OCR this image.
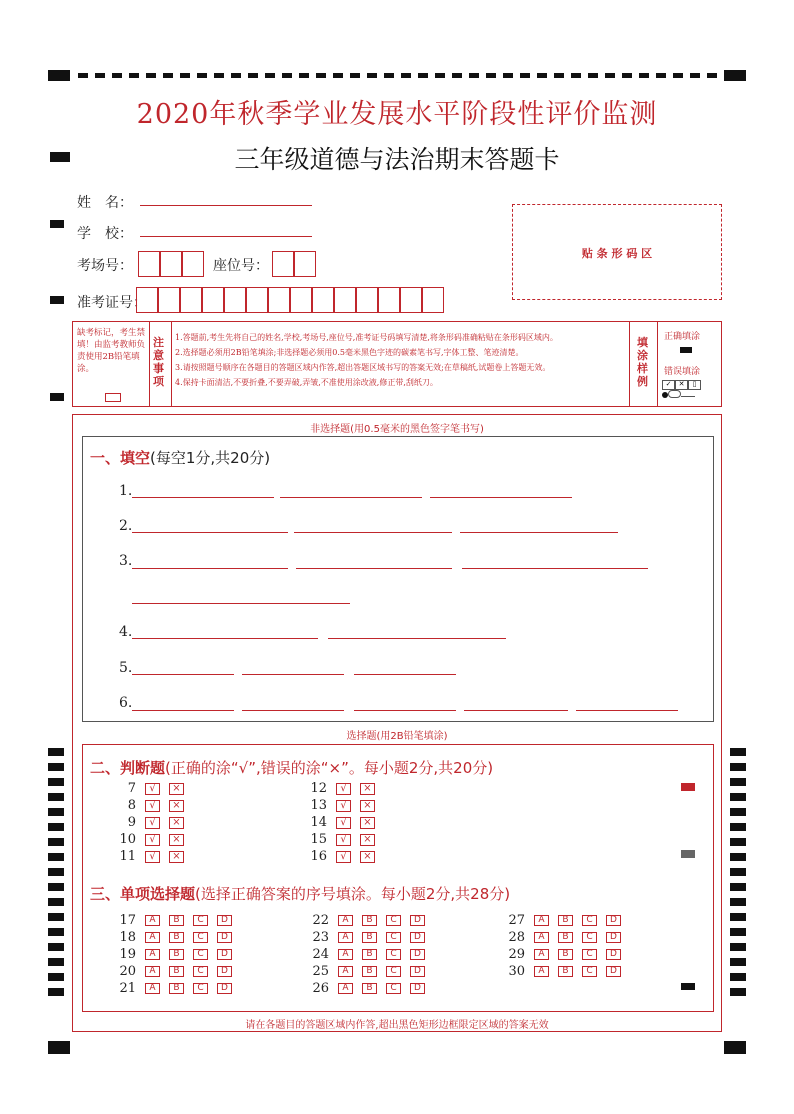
2020年秋季学业发展水平阶段性评价监测
三年级道德与法治期末答题卡
姓　名：
学　校：
考场号：	座位号：
准考证号：
贴 条 形 码 区
缺考标记，考生禁填！由监考教师负责使用2B铅笔填涂。
注意事项
1.答题前,考生先将自己的姓名,学校,考场号,座位号,准考证号码填写清楚,将条形码准确粘贴在条形码区域内。
2.选择题必须用2B铅笔填涂;非选择题必须用0.5毫米黑色字迹的碳素笔书写,字体工整、笔迹清楚。
3.请按照题号顺序在各题目的答题区域内作答,超出答题区域书写的答案无效;在草稿纸,试题卷上答题无效。
4.保持卡面清洁,不要折叠,不要弄破,弄皱,不准使用涂改液,修正带,刮纸刀。
填涂样例
正确填涂
错误填涂
✓ ✕ ▯

非选择题(用0.5毫米的黑色签字笔书写)
一、填空(每空1分,共20分)
1.
2.
3.
4.
5.
6.
选择题(用2B铅笔填涂)
二、判断题(正确的涂“√”,错误的涂“×”。每小题2分,共20分)
7	√	×
8	√	×
9	√	×
10	√	×
11	√	×
12	√	×
13	√	×
14	√	×
15	√	×
16	√	×
三、单项选择题(选择正确答案的序号填涂。每小题2分,共28分)
17	A	B	C	D
18	A	B	C	D
19	A	B	C	D
20	A	B	C	D
21	A	B	C	D
22	A	B	C	D
23	A	B	C	D
24	A	B	C	D
25	A	B	C	D
26	A	B	C	D
27	A	B	C	D
28	A	B	C	D
29	A	B	C	D
30	A	B	C	D
请在各题目的答题区域内作答,超出黑色矩形边框限定区域的答案无效
